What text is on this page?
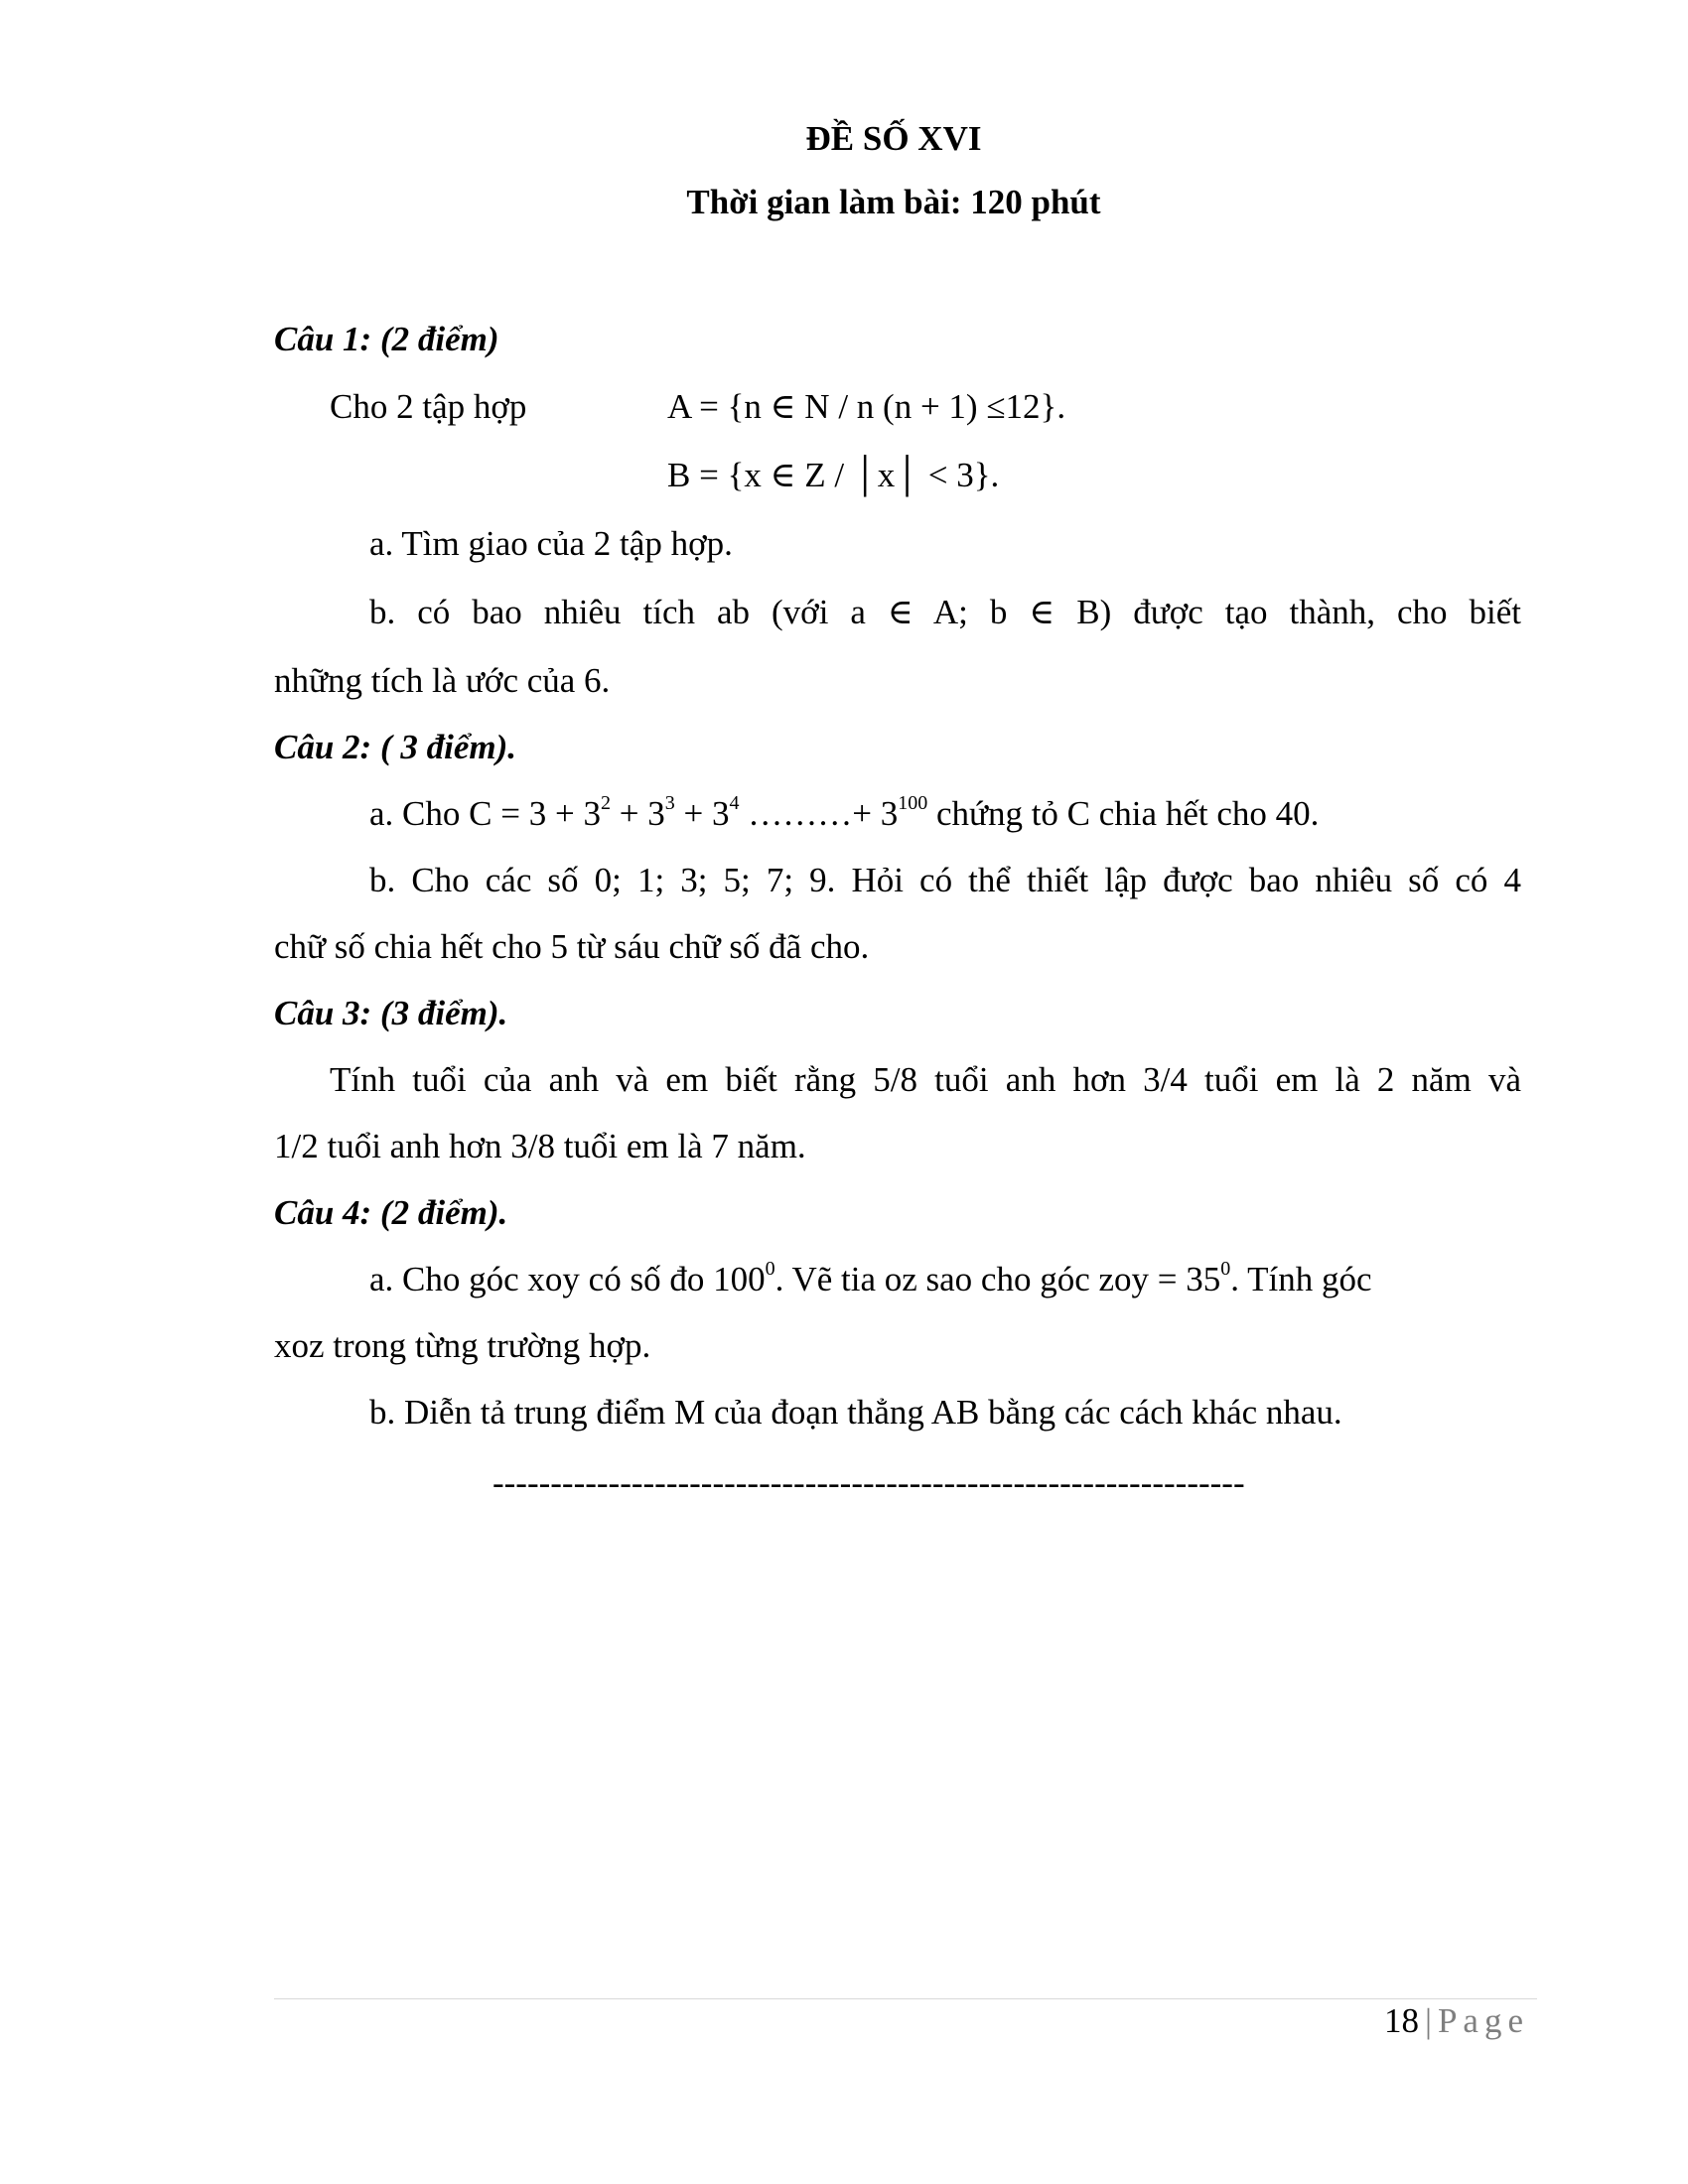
ĐỀ SỐ XVI
Thời gian làm bài: 120 phút
Câu 1: (2 điểm)
Cho 2 tập hợp	A = {n ∈ N / n (n + 1) ≤12}.
B = {x ∈ Z / │x│ < 3}.
a. Tìm giao của 2 tập hợp.
b. có bao nhiêu tích ab (với a ∈ A; b ∈ B) được tạo thành, cho biết
những tích là ước của 6.
Câu 2: ( 3 điểm).
a. Cho $C = 3 + 3^2 + 3^3 + 3^4$ ………+ $3^{100}$ chứng tỏ C chia hết cho 40.
b. Cho các số 0; 1; 3; 5; 7; 9. Hỏi có thể thiết lập được bao nhiêu số có 4
chữ số chia hết cho 5 từ sáu chữ số đã cho.
Câu 3: (3 điểm).
Tính tuổi của anh và em biết rằng 5/8 tuổi anh hơn 3/4 tuổi em là 2 năm và
1/2 tuổi anh hơn 3/8 tuổi em là 7 năm.
Câu 4: (2 điểm).
a. Cho góc xoy có số đo $100^0$. Vẽ tia oz sao cho góc zoy = $35^0$. Tính góc
xoz trong từng trường hợp.
b. Diễn tả trung điểm M của đoạn thẳng AB bằng các cách khác nhau.
-----------------------------------------------------------------
18 | Page
